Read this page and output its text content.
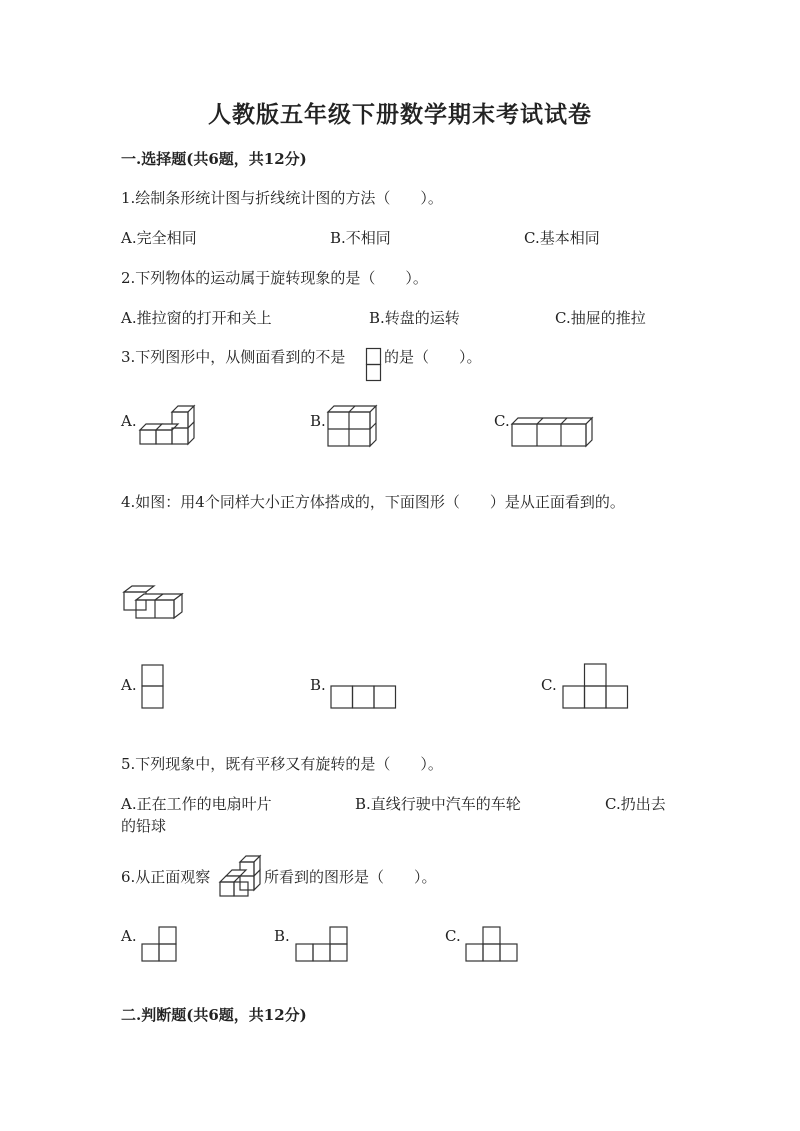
人教版五年级下册数学期末考试试卷
一.选择题(共6题，共12分)
1.绘制条形统计图与折线统计图的方法（　　）。
A.完全相同	B.不相同	C.基本相同
2.下列物体的运动属于旋转现象的是（　　）。
A.推拉窗的打开和关上	B.转盘的运转	C.抽屉的推拉
3.下列图形中，从侧面看到的不是	的是（　　）。
A.	B.	C.
4.如图：用4个同样大小正方体搭成的，下面图形（　　）是从正面看到的。
A.	B.	C.
5.下列现象中，既有平移又有旋转的是（　　）。
A.正在工作的电扇叶片	B.直线行驶中汽车的车轮	C.扔出去
的铅球
6.从正面观察	所看到的图形是（　　）。
A.	B.	C.
二.判断题(共6题，共12分)
